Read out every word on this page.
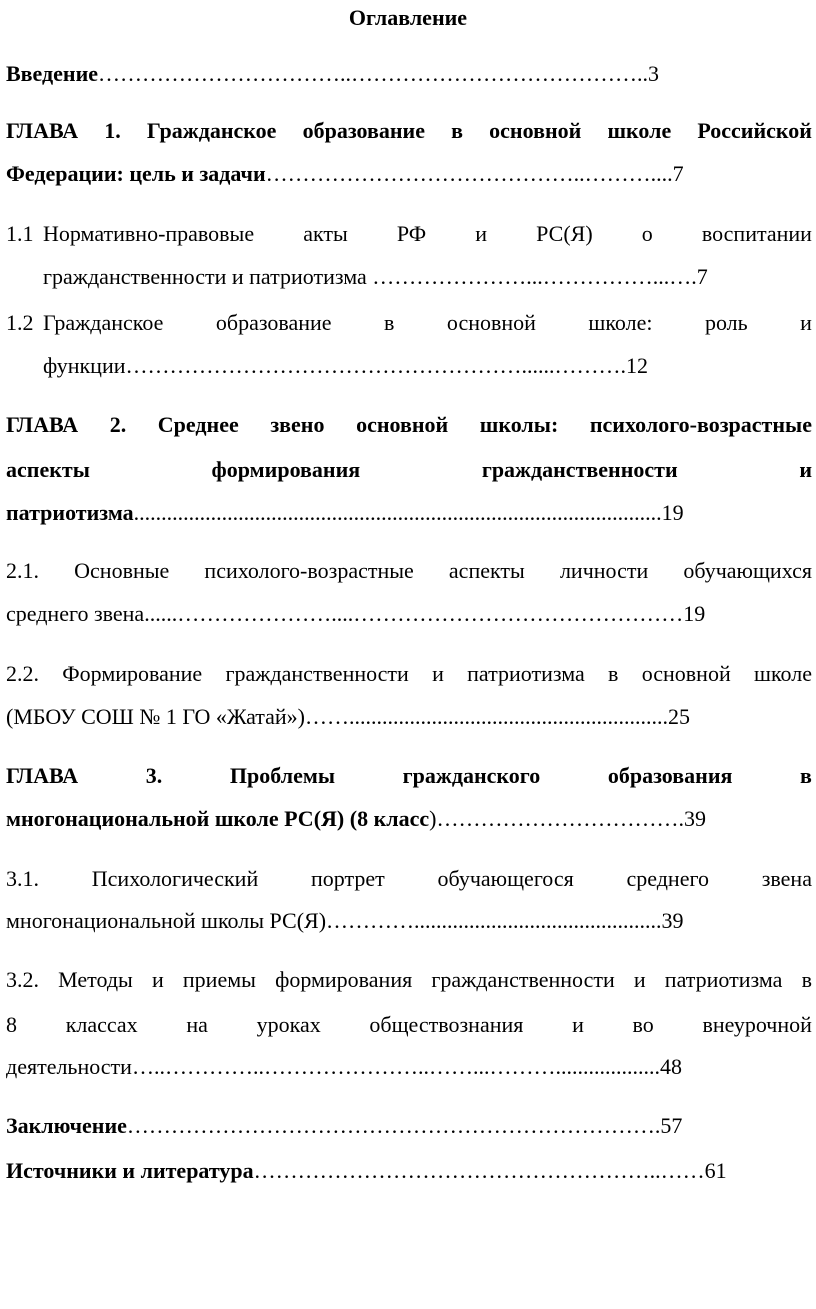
Оглавление
Введение……………………………..…………………………………..3
ГЛАВА 1. Гражданское образование в основной школе Российской
Федерации: цель и задачи……………………………………..………....7
1.1 Нормативно-правовые акты РФ и РС(Я) о воспитании
гражданственности и патриотизма …………………...……………...….7
1.2 Гражданское образование в основной школе: роль и
функции………………………………………………......……….12
ГЛАВА 2. Среднее звено основной школы: психолого-возрастные
аспекты	формирования	гражданственности	и
патриотизма................................................................................................19
2.1. Основные психолого-возрастные аспекты личности обучающихся
среднего звена......…………………....………………………………………19
2.2. Формирование гражданственности и патриотизма в основной школе
(МБОУ СОШ № 1 ГО «Жатай»)……..........................................................25
ГЛАВА	3.	Проблемы	гражданского	образования	в
многонациональной школе РС(Я) (8 класс)…………………………….39
3.1. Психологический портрет обучающегося среднего звена
многонациональной школы РС(Я)………….............................................39
3.2. Методы и приемы формирования гражданственности и патриотизма в
8 классах на уроках обществознания и во внеурочной
деятельности…..…………..…………………..……...………...................48
Заключение……………………………………………………………….57
Источники и литература………………………………………………..……61
